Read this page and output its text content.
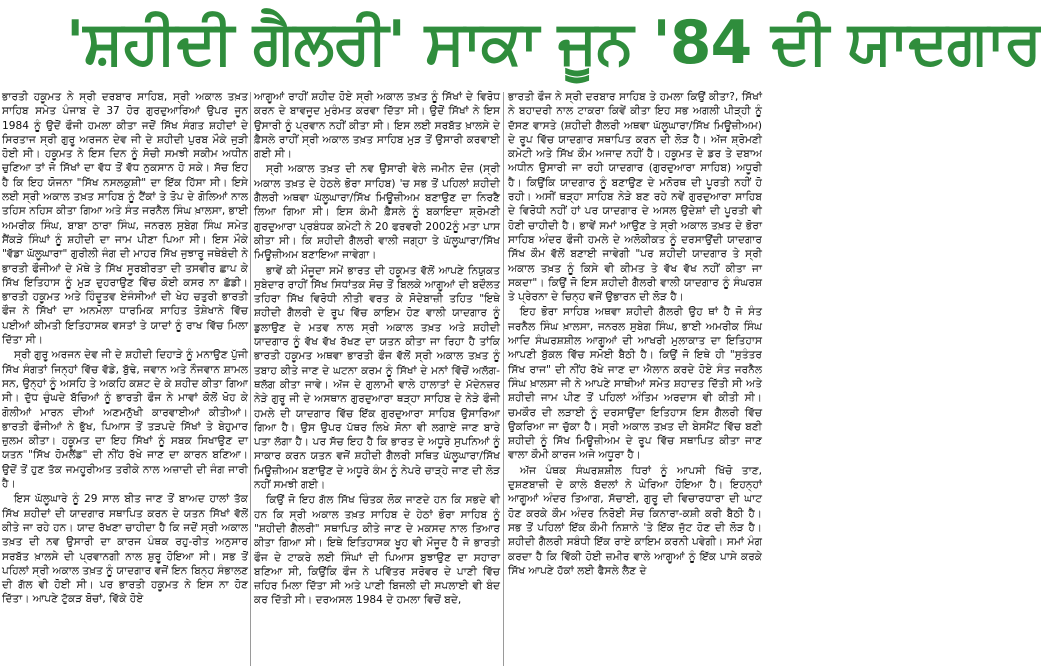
'ਸ਼ਹੀਦੀ ਗੈਲਰੀ' ਸਾਕਾ ਜੂਨ '84 ਦੀ ਯਾਦਗਾਰ

ਭਾਰਤੀ ਹਕੂਮਤ ਨੇ ਸ੍ਰੀ ਦਰਬਾਰ ਸਾਹਿਬ, ਸ੍ਰੀ ਅਕਾਲ ਤਖ਼ਤ ਸਾਹਿਬ ਸਮੇਤ ਪੰਜਾਬ ਦੇ 37 ਹੋਰ ਗੁਰਦੁਆਰਿਆਂ ਉਪਰ ਜੂਨ 1984 ਨੂੰ ਉਦੋਂ ਫੌਜੀ ਹਮਲਾ ਕੀਤਾ ਜਦੋਂ ਸਿੱਖ ਸੰਗਤ ਸ਼ਹੀਦਾਂ ਦੇ ਸਿਰਤਾਜ ਸ੍ਰੀ ਗੁਰੂ ਅਰਜਨ ਦੇਵ ਜੀ ਦੇ ਸ਼ਹੀਦੀ ਪੁਰਬ ਮੌਕੇ ਜੁੜੀ ਹੋਈ ਸੀ। ਹਕੂਮਤ ਨੇ ਇਸ ਦਿਨ ਨੂੰ ਸੋਚੀ ਸਮਝੀ ਸਕੀਮ ਅਧੀਨ ਚੁਣਿਆ ਤਾਂ ਜੋ ਸਿੱਖਾਂ ਦਾ ਵੱਧ ਤੋਂ ਵੱਧ ਨੁਕਸਾਨ ਹੋ ਸਕੇ। ਸੱਚ ਇਹ ਹੈ ਕਿ ਇਹ ਯੋਜਨਾ "ਸਿੱਖ ਨਸਲਕੁਸ਼ੀ" ਦਾ ਇੱਕ ਹਿੱਸਾ ਸੀ। ਇਸੇ ਲਈ ਸ੍ਰੀ ਅਕਾਲ ਤਖ਼ਤ ਸਾਹਿਬ ਨੂੰ ਟੈਂਕਾਂ ਤੇ ਤੋਪ ਦੇ ਗੋਲਿਆਂ ਨਾਲ ਤਹਿਸ ਨਹਿਸ ਕੀਤਾ ਗਿਆ ਅਤੇ ਸੰਤ ਜਰਨੈਲ ਸਿੰਘ ਖ਼ਾਲਸਾ, ਭਾਈ ਅਮਰੀਕ ਸਿੰਘ, ਬਾਬਾ ਠਾਰਾ ਸਿੰਘ, ਜਨਰਲ ਸੁਬੇਗ ਸਿੰਘ ਸਮੇਤ ਸੈਂਕੜੇ ਸਿੰਘਾਂ ਨੂੰ ਸ਼ਹੀਦੀ ਦਾ ਜਾਮ ਪੀਣਾ ਪਿਆ ਸੀ। ਇਸ ਮੌਕੇ "ਵੱਡਾ ਘੱਲੂਘਾਰਾ" ਗੁਰੀਲੀ ਜੰਗ ਦੀ ਮਾਹਰ ਸਿੱਖ ਜੁਝਾਰੂ ਜਥੇਬੰਦੀ ਨੇ ਭਾਰਤੀ ਫੌਜੀਆਂ ਦੇ ਮੱਥੇ ਤੇ ਸਿੱਖ ਸੂਰਬੀਰਤਾ ਦੀ ਤਸਵੀਰ ਛਾਪ ਕੇ ਸਿੱਖ ਇਤਿਹਾਸ ਨੂੰ ਮੁੜ ਦੁਹਰਾਉਣ ਵਿੱਚ ਕੋਈ ਕਸਰ ਨਾ ਛੱਡੀ। ਭਾਰਤੀ ਹਕੂਮਤ ਅਤੇ ਹਿੰਦੂਤਵ ਏਜੰਸੀਆਂ ਦੀ ਖੇਹ ਚਤੁਰੀ ਭਾਰਤੀ ਫੌਜ ਨੇ ਸਿੱਖਾਂ ਦਾ ਅਨਮੋਲਾ ਧਾਰਮਿਕ ਸਾਹਿਤ ਤੋਸ਼ੇਖਾਨੇ ਵਿੱਚ ਪਈਆਂ ਕੀਮਤੀ ਇਤਿਹਾਸਕ ਵਸਤਾਂ ਤੇ ਯਾਦਾਂ ਨੂੰ ਰਾਖ ਵਿੱਚ ਮਿਲਾ ਦਿੱਤਾ ਸੀ।

ਸ੍ਰੀ ਗੁਰੂ ਅਰਜਨ ਦੇਵ ਜੀ ਦੇ ਸ਼ਹੀਦੀ ਦਿਹਾੜੇ ਨੂੰ ਮਨਾਉਣ ਪੁੱਜੀ ਸਿੱਖ ਸੰਗਤਾਂ ਜਿਨ੍ਹਾਂ ਵਿੱਚ ਵੱਡੇ, ਬੁੱਢੇ, ਜਵਾਨ ਅਤੇ ਨੌਜਵਾਨ ਸ਼ਾਮਲ ਸਨ, ਉਨ੍ਹਾਂ ਨੂੰ ਅਸਹਿ ਤੇ ਅਕਹਿ ਕਸ਼ਟ ਦੇ ਕੇ ਸ਼ਹੀਦ ਕੀਤਾ ਗਿਆ ਸੀ। ਦੁੱਧ ਚੁੰਘਦੇ ਬੱਚਿਆਂ ਨੂੰ ਭਾਰਤੀ ਫੌਜ ਨੇ ਮਾਵਾਂ ਕੋਲੋਂ ਖੋਹ ਕੇ ਗੋਲੀਆਂ ਮਾਰਨ ਦੀਆਂ ਅਣਮਨੁੱਖੀ ਕਾਰਵਾਈਆਂ ਕੀਤੀਆਂ। ਭਾਰਤੀ ਫੌਜੀਆਂ ਨੇ ਭੁੱਖ, ਪਿਆਸ ਤੋਂ ਤੜਪਦੇ ਸਿੱਖਾਂ ਤੇ ਬੇਹੁਮਾਰ ਜ਼ੁਲਮ ਕੀਤਾ। ਹਕੂਮਤ ਦਾ ਇਹ ਸਿੱਖਾਂ ਨੂੰ ਸਬਕ ਸਿਖਾਉਣ ਦਾ ਯਤਨ "ਸਿੱਖ ਹੋਮਲੈਂਡ" ਦੀ ਨੀਂਹ ਰੱਖੇ ਜਾਣ ਦਾ ਕਾਰਨ ਬਣਿਆ। ਉਦੋਂ ਤੋਂ ਹੁਣ ਤੱਕ ਜਮਹੂਰੀਅਤ ਤਰੀਕੇ ਨਾਲ ਅਜ਼ਾਦੀ ਦੀ ਜੰਗ ਜਾਰੀ ਹੈ।

ਇਸ ਘੱਲੂਘਾਰੇ ਨੂੰ 29 ਸਾਲ ਬੀਤ ਜਾਣ ਤੋਂ ਬਾਅਦ ਹਾਲਾਂ ਤੱਕ ਸਿੱਖ ਸ਼ਹੀਦਾਂ ਦੀ ਯਾਦਗਾਰ ਸਥਾਪਿਤ ਕਰਨ ਦੇ ਯਤਨ ਸਿੱਖਾਂ ਵੱਲੋਂ ਕੀਤੇ ਜਾ ਰਹੇ ਹਨ। ਯਾਦ ਰੱਖਣਾ ਚਾਹੀਦਾ ਹੈ ਕਿ ਜਦੋਂ ਸ੍ਰੀ ਅਕਾਲ ਤਖ਼ਤ ਦੀ ਨਵ ਉਸਾਰੀ ਦਾ ਕਾਰਜ ਪੰਥਕ ਰਹੁ-ਰੀਤ ਅਨੁਸਾਰ ਸਰਬੱਤ ਖ਼ਾਲਸੇ ਦੀ ਪ੍ਰਵਾਨਗੀ ਨਾਲ ਸ਼ੁਰੂ ਹੋਇਆ ਸੀ। ਸਭ ਤੋਂ ਪਹਿਲਾਂ ਸ੍ਰੀ ਅਕਾਲ ਤਖ਼ਤ ਨੂੰ ਯਾਦਗਾਰ ਵਜੋਂ ਇਨ ਬਿਨ੍ਹ ਸੰਭਾਲਣ ਦੀ ਗੱਲ ਵੀ ਹੋਈ ਸੀ। ਪਰ ਭਾਰਤੀ ਹਕੂਮਤ ਨੇ ਇਸ ਨਾ ਹੋਣ ਦਿੱਤਾ। ਆਪਣੇ ਟੁੱਕੜ ਬੋਚਾਂ, ਵਿੱਕੇ ਹੋਏ

ਆਗੂਆਂ ਰਾਹੀਂ ਸ਼ਹੀਦ ਹੋਏ ਸ੍ਰੀ ਅਕਾਲ ਤਖ਼ਤ ਨੂੰ ਸਿੱਖਾਂ ਦੇ ਵਿਰੋਧ ਕਰਨ ਦੇ ਬਾਵਜੂਦ ਮੁਰੰਮਤ ਕਰਵਾ ਦਿੱਤਾ ਸੀ। ਉਦੋਂ ਸਿੱਖਾਂ ਨੇ ਇਸ ਉਸਾਰੀ ਨੂੰ ਪ੍ਰਵਾਨ ਨਹੀਂ ਕੀਤਾ ਸੀ। ਇਸ ਲਈ ਸਰਬੱਤ ਖ਼ਾਲਸੇ ਦੇ ਫ਼ੈਸਲੇ ਰਾਹੀਂ ਸ੍ਰੀ ਅਕਾਲ ਤਖ਼ਤ ਸਾਹਿਬ ਮੁੜ ਤੋਂ ਉਸਾਰੀ ਕਰਵਾਈ ਗਈ ਸੀ।

ਸ੍ਰੀ ਅਕਾਲ ਤਖ਼ਤ ਦੀ ਨਵ ਉਸਾਰੀ ਵੇਲੇ ਜਮੀਨ ਦੋਜ਼ (ਸ੍ਰੀ ਅਕਾਲ ਤਖ਼ਤ ਦੇ ਹੇਠਲੇ ਭੋਰਾ ਸਾਹਿਬ) 'ਚ ਸਭ ਤੋਂ ਪਹਿਲਾਂ ਸ਼ਹੀਦੀ ਗੈਲਰੀ ਅਥਵਾ ਘੱਲੂਘਾਰਾ/ਸਿੱਖ ਮਿਊਜ਼ੀਅਮ ਬਣਾਉਣ ਦਾ ਨਿਰਣੈ ਲਿਆ ਗਿਆ ਸੀ। ਇਸ ਕੰਮੀ ਫ਼ੈਸਲੇ ਨੂੰ ਬਕਾਇਦਾ ਸ਼੍ਰੋਮਣੀ ਗੁਰਦੁਆਰਾ ਪ੍ਰਬੰਧਕ ਕਮੇਟੀ ਨੇ 20 ਫਰਵਰੀ 2002ਨੂੰ ਮਤਾ ਪਾਸ ਕੀਤਾ ਸੀ। ਕਿ ਸ਼ਹੀਦੀ ਗੈਲਰੀ ਵਾਲੀ ਜਗ੍ਹਾ ਤੇ ਘੱਲੂਘਾਰਾ/ਸਿੱਖ ਮਿਊਜ਼ੀਅਮ ਬਣਾਇਆ ਜਾਵੇਗਾ।

ਭਾਵੇਂ ਕੀ ਮੌਜੂਦਾ ਸਮੇਂ ਭਾਰਤ ਦੀ ਹਕੂਮਤ ਵੱਲੋਂ ਆਪਣੇ ਨਿਯੁਕਤ ਸੁਬੇਦਾਰ ਰਾਹੀਂ ਸਿੱਖ ਸਿਧਾਂਤਕ ਸੋਚ ਤੋਂ ਬਿਲਕੇ ਆਗੂਆਂ ਦੀ ਬਦੌਲਤ ਤਹਿਰਾ ਸਿੱਖ ਵਿਰੋਧੀ ਨੀਤੀ ਵਰਤ ਕੇ ਸੋਦੇਬਾਜ਼ੀ ਤਹਿਤ "ਇਥੇ ਸ਼ਹੀਦੀ ਗੈਲਰੀ ਦੇ ਰੂਪ ਵਿੱਚ ਕਾਇਮ ਹੋਣ ਵਾਲੀ ਯਾਦਗਾਰ ਨੂੰ ਡੁਲਾਉਣ ਦੇ ਮਤਵ ਨਾਲ ਸ੍ਰੀ ਅਕਾਲ ਤਖ਼ਤ ਅਤੇ ਸ਼ਹੀਦੀ ਯਾਦਗਾਰ ਨੂੰ ਵੱਖ ਵੱਖ ਰੱਖਣ ਦਾ ਯਤਨ ਕੀਤਾ ਜਾ ਰਿਹਾ ਹੈ ਤਾਂਕਿ ਭਾਰਤੀ ਹਕੂਮਤ ਅਥਵਾ ਭਾਰਤੀ ਫੌਜ ਵੱਲੋਂ ਸ੍ਰੀ ਅਕਾਲ ਤਖ਼ਤ ਨੂੰ ਤਬਾਹ ਕੀਤੇ ਜਾਣ ਦੇ ਘਟਨਾ ਕਰਮ ਨੂੰ ਸਿੱਖਾਂ ਦੇ ਮਨਾਂ ਵਿੱਚੋਂ ਅਲੱਗ-ਥਲੱਗ ਕੀਤਾ ਜਾਵੇ। ਅੱਜ ਦੇ ਗੁਲਾਮੀ ਵਾਲੇ ਹਾਲਾਤਾਂ ਦੇ ਮੱਦੇਨਜ਼ਰ ਨੇੜੇ ਗੁਰੂ ਜੀ ਦੇ ਅਸਥਾਨ ਗੁਰਦੁਆਰਾ ਥੜ੍ਹਾ ਸਾਹਿਬ ਦੇ ਨੇੜੇ ਫੌਜੀ ਹਮਲੇ ਦੀ ਯਾਦਗਾਰ ਵਿੱਚ ਇੱਕ ਗੁਰਦੁਆਰਾ ਸਾਹਿਬ ਉਸਾਰਿਆ ਗਿਆ ਹੈ। ਉਸ ਉਪਰ ਪੱਥਰ ਲਿਖੇ ਸੋਨਾ ਵੀ ਲਗਾਏ ਜਾਣ ਬਾਰੇ ਪਤਾ ਲੱਗਾ ਹੈ। ਪਰ ਸੱਚ ਇਹ ਹੈ ਕਿ ਭਾਰਤ ਦੇ ਅਧੂਰੇ ਸੁਪਨਿਆਂ ਨੂੰ ਸਾਕਾਰ ਕਰਨ ਯਤਨ ਵਜੋਂ ਸ਼ਹੀਦੀ ਗੈਲਰੀ ਸਥਿਤ ਘੱਲੂਘਾਰਾ/ਸਿੱਖ ਮਿਊਜ਼ੀਅਮ ਬਣਾਉਣ ਦੇ ਅਧੂਰੇ ਕੰਮ ਨੂੰ ਨੇਪਰੇ ਚਾੜ੍ਹੇ ਜਾਣ ਦੀ ਲੋੜ ਨਹੀਂ ਸਮਝੀ ਗਈ।

ਕਿਉਂ ਜੋ ਇਹ ਗੱਲ ਸਿੱਖ ਚਿੰਤਕ ਲੋਕ ਜਾਣਦੇ ਹਨ ਕਿ ਸਭਦੇ ਵੀ ਹਨ ਕਿ ਸ੍ਰੀ ਅਕਾਲ ਤਖ਼ਤ ਸਾਹਿਬ ਦੇ ਹੇਠਾਂ ਭੋਰਾ ਸਾਹਿਬ ਨੂੰ "ਸ਼ਹੀਦੀ ਗੈਲਰੀ" ਸਥਾਪਿਤ ਕੀਤੇ ਜਾਣ ਦੇ ਮਕਸਦ ਨਾਲ ਤਿਆਰ ਕੀਤਾ ਗਿਆ ਸੀ। ਇਥੇ ਇਤਿਹਾਸਕ ਖੂਹ ਵੀ ਮੌਜੂਦ ਹੈ ਜੋ ਭਾਰਤੀ ਫੌਜ ਦੇ ਟਾਕਰੇ ਲਈ ਸਿੰਘਾਂ ਦੀ ਪਿਆਸ ਬੁਝਾਉਣ ਦਾ ਸਹਾਰਾ ਬਣਿਆ ਸੀ, ਕਿਉਂਕਿ ਫੌਜ ਨੇ ਪਵਿੱਤਰ ਸਰੋਵਰ ਦੇ ਪਾਣੀ ਵਿੱਚ ਜ਼ਹਿਰ ਮਿਲਾ ਦਿੱਤਾ ਸੀ ਅਤੇ ਪਾਣੀ ਬਿਜਲੀ ਦੀ ਸਪਲਾਈ ਵੀ ਬੰਦ ਕਰ ਦਿੱਤੀ ਸੀ। ਦਰਅਸਲ 1984 ਦੇ ਹਮਲਾ ਵਿਚੋਂ ਬਦੇ,

ਭਾਰਤੀ ਫੌਜ ਨੇ ਸ੍ਰੀ ਦਰਬਾਰ ਸਾਹਿਬ ਤੇ ਹਮਲਾ ਕਿਉਂ ਕੀਤਾ?, ਸਿੱਖਾਂ ਨੇ ਬਹਾਦਰੀ ਨਾਲ ਟਾਕਰਾ ਕਿਵੇਂ ਕੀਤਾ ਇਹ ਸਭ ਅਗਲੀ ਪੀੜ੍ਹੀ ਨੂੰ ਦੱਸਣ ਵਾਸਤੇ (ਸ਼ਹੀਦੀ ਗੈਲਰੀ ਅਥਵਾ ਘੱਲੂਘਾਰਾ/ਸਿੱਖ ਮਿਊਜ਼ੀਅਮ) ਦੇ ਰੂਪ ਵਿੱਚ ਯਾਦਗਾਰ ਸਥਾਪਿਤ ਕਰਨ ਦੀ ਲੋੜ ਹੈ। ਅੱਜ ਸ਼੍ਰੋਮਣੀ ਕਮੇਟੀ ਅਤੇ ਸਿੱਖ ਕੌਮ ਅਜਾਦ ਨਹੀਂ ਹੈ। ਹਕੂਮਤ ਦੇ ਡਰ ਤੇ ਦਬਾਅ ਅਧੀਨ ਉਸਾਰੀ ਜਾ ਰਹੀ ਯਾਦਗਾਰ (ਗੁਰਦੁਆਰਾ ਸਾਹਿਬ) ਅਧੂਰੀ ਹੈ। ਕਿਉਂਕਿ ਯਾਦਗਾਰ ਨੂੰ ਬਣਾਉਣ ਦੇ ਮਨੋਰਥ ਦੀ ਪੂਰਤੀ ਨਹੀਂ ਹੋ ਰਹੀ। ਅਸੀਂ ਥੜ੍ਹਾ ਸਾਹਿਬ ਨੇੜੇ ਬਣ ਰਹੇ ਨਵੇਂ ਗੁਰਦੁਆਰਾ ਸਾਹਿਬ ਦੇ ਵਿਰੋਧੀ ਨਹੀਂ ਹਾਂ ਪਰ ਯਾਦਗਾਰ ਦੇ ਅਸਲ ਉਦੇਸ਼ਾਂ ਦੀ ਪੂਰਤੀ ਵੀ ਹੋਣੀ ਚਾਹੀਦੀ ਹੈ। ਭਾਵੇਂ ਸਮਾਂ ਆਉਣ ਤੇ ਸ੍ਰੀ ਅਕਾਲ ਤਖ਼ਤ ਦੇ ਭੋਰਾ ਸਾਹਿਬ ਅੰਦਰ ਫੌਜੀ ਹਮਲੇ ਦੇ ਅਲੋਕੀਕਤ ਨੂੰ ਦਰਸਾਉਂਦੀ ਯਾਦਗਾਰ ਸਿੱਖ ਕੌਮ ਵੱਲੋਂ ਬਣਾਈ ਜਾਵੇਗੀ "ਪਰ ਸ਼ਹੀਦੀ ਯਾਦਗਾਰ ਤੇ ਸ੍ਰੀ ਅਕਾਲ ਤਖ਼ਤ ਨੂੰ ਕਿਸੇ ਵੀ ਕੀਮਤ ਤੇ ਵੱਖ ਵੱਖ ਨਹੀਂ ਕੀਤਾ ਜਾ ਸਕਦਾ"। ਕਿਉਂ ਜੋ ਇਸ ਸ਼ਹੀਦੀ ਗੈਲਰੀ ਵਾਲੀ ਯਾਦਗਾਰ ਨੂੰ ਸੰਘਰਸ਼ ਤੇ ਪ੍ਰੇਰਨਾ ਦੇ ਚਿਨ੍ਹ ਵਜੋਂ ਉਭਾਰਨ ਦੀ ਲੋੜ ਹੈ।

ਇਹ ਭੋਰਾ ਸਾਹਿਬ ਅਥਵਾ ਸ਼ਹੀਦੀ ਗੈਲਰੀ ਉਹ ਥਾਂ ਹੈ ਜੋ ਸੰਤ ਜਰਨੈਲ ਸਿੰਘ ਖ਼ਾਲਸਾ, ਜਨਰਲ ਸੁਬੇਗ ਸਿੰਘ, ਭਾਈ ਅਮਰੀਕ ਸਿੰਘ ਆਦਿ ਸੰਘਰਸ਼ਸ਼ੀਲ ਆਗੂਆਂ ਦੀ ਆਖਰੀ ਮੁਲਾਕਾਤ ਦਾ ਇਤਿਹਾਸ ਆਪਣੀ ਬੁੱਕਲ ਵਿੱਚ ਸਮੋਈ ਬੈਠੀ ਹੈ। ਕਿਉਂ ਜੋ ਇਥੇ ਹੀ "ਸੁਤੰਤਰ ਸਿੱਖ ਰਾਜ" ਦੀ ਨੀਂਹ ਰੱਖੇ ਜਾਣ ਦਾ ਐਲਾਨ ਕਰਦੇ ਹੋਏ ਸੰਤ ਜਰਨੈਲ ਸਿੰਘ ਖ਼ਾਲਸਾ ਜੀ ਨੇ ਆਪਣੇ ਸਾਥੀਆਂ ਸਮੇਤ ਸ਼ਹਾਦਤ ਦਿੱਤੀ ਸੀ ਅਤੇ ਸ਼ਹੀਦੀ ਜਾਮ ਪੀਣ ਤੋਂ ਪਹਿਲਾਂ ਅੰਤਿਮ ਅਰਦਾਸ ਵੀ ਕੀਤੀ ਸੀ। ਚਮਕੌਰ ਦੀ ਲੜਾਈ ਨੂੰ ਦਰਸਾਉਂਦਾ ਇਤਿਹਾਸ ਇਸ ਗੈਲਰੀ ਵਿੱਚ ਉਕਰਿਆ ਜਾ ਚੁੱਕਾ ਹੈ। ਸ੍ਰੀ ਅਕਾਲ ਤਖ਼ਤ ਦੀ ਬੇਸਮੈਂਟ ਵਿੱਚ ਬਣੀ ਸ਼ਹੀਦੀ ਨੂੰ ਸਿੱਖ ਮਿਊਜ਼ੀਅਮ ਦੇ ਰੂਪ ਵਿੱਚ ਸਥਾਪਿਤ ਕੀਤਾ ਜਾਣ ਵਾਲਾ ਕੌਮੀ ਕਾਰਜ ਅਜੇ ਅਧੂਰਾ ਹੈ।

ਅੱਜ ਪੰਥਕ ਸੰਘਰਸ਼ਸ਼ੀਲ ਧਿਰਾਂ ਨੂੰ ਆਪਸੀ ਖਿੱਚੋ ਤਾਣ, ਦੁਸ਼ਣਬਾਜ਼ੀ ਦੇ ਕਾਲੇ ਬੱਦਲਾਂ ਨੇ ਘੇਰਿਆ ਹੋਇਆ ਹੈ। ਇਹਨ੍ਹਾਂ ਆਗੂਆਂ ਅੰਦਰ ਤਿਆਗ, ਸੱਚਾਈ, ਗੁਰੂ ਦੀ ਵਿਚਾਰਧਾਰਾ ਦੀ ਘਾਟ ਹੋਣ ਕਰਕੇ ਕੌਮ ਅੰਦਰ ਨਿਰੋਈ ਸੋਚ ਕਿਨਾਰਾ-ਕਸ਼ੀ ਕਰੀ ਬੈਠੀ ਹੈ। ਸਭ ਤੋਂ ਪਹਿਲਾਂ ਇੱਕ ਕੌਮੀ ਨਿਸ਼ਾਨੇ 'ਤੇ ਇੱਕ ਜੁੱਟ ਹੋਣ ਦੀ ਲੋੜ ਹੈ। ਸ਼ਹੀਦੀ ਗੈਲਰੀ ਸਬੰਧੀ ਇੱਕ ਰਾਏ ਕਾਇਮ ਕਰਨੀ ਪਵੇਗੀ। ਸਮਾਂ ਮੰਗ ਕਰਦਾ ਹੈ ਕਿ ਵਿੱਕੀ ਹੋਈ ਜ਼ਮੀਰ ਵਾਲੇ ਆਗੂਆਂ ਨੂੰ ਇੱਕ ਪਾਸੇ ਕਰਕੇ ਸਿੱਖ ਆਪਣੇ ਹੱਕਾਂ ਲਈ ਫੈਸਲੇ ਲੈਣ ਦੇ
